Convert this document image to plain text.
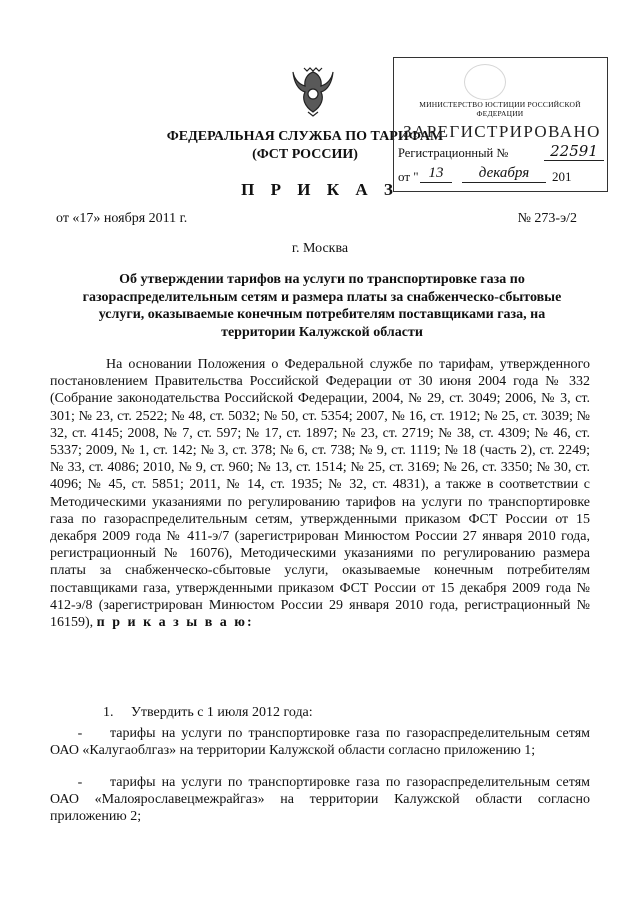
ФЕДЕРАЛЬНАЯ СЛУЖБА ПО ТАРИФАМ
(ФСТ РОССИИ)
МИНИСТЕРСТВО ЮСТИЦИИ РОССИЙСКОЙ ФЕДЕРАЦИИ
ЗАРЕГИСТРИРОВАНО
Регистрационный №	22591
от " 13	декабря	201
П Р И К А З
от «17» ноября 2011 г.	№ 273-э/2
г. Москва
Об утверждении тарифов на услуги по транспортировке газа по газораспределительным сетям и размера платы за снабженческо-сбытовые услуги, оказываемые конечным потребителям поставщиками газа, на территории Калужской области
На основании Положения о Федеральной службе по тарифам, утвержденного постановлением Правительства Российской Федерации от 30 июня 2004 года № 332 (Собрание законодательства Российской Федерации, 2004, № 29, ст. 3049; 2006, № 3, ст. 301; № 23, ст. 2522; № 48, ст. 5032; № 50, ст. 5354; 2007, № 16, ст. 1912; № 25, ст. 3039; № 32, ст. 4145; 2008, № 7, ст. 597; № 17, ст. 1897; № 23, ст. 2719; № 38, ст. 4309; № 46, ст. 5337; 2009, № 1, ст. 142; № 3, ст. 378; № 6, ст. 738; № 9, ст. 1119; № 18 (часть 2), ст. 2249; № 33, ст. 4086; 2010, № 9, ст. 960; № 13, ст. 1514; № 25, ст. 3169; № 26, ст. 3350; № 30, ст. 4096; № 45, ст. 5851; 2011, № 14, ст. 1935; № 32, ст. 4831), а также в соответствии с Методическими указаниями по регулированию тарифов на услуги по транспортировке газа по газораспределительным сетям, утвержденными приказом ФСТ России от 15 декабря 2009 года № 411-э/7 (зарегистрирован Минюстом России 27 января 2010 года, регистрационный № 16076), Методическими указаниями по регулированию размера платы за снабженческо-сбытовые услуги, оказываемые конечным потребителям поставщиками газа, утвержденными приказом ФСТ России от 15 декабря 2009 года № 412-э/8 (зарегистрирован Минюстом России 29 января 2010 года, регистрационный № 16159), п р и к а з ы в а ю:
1. Утвердить с 1 июля 2012 года:
- тарифы на услуги по транспортировке газа по газораспределительным сетям ОАО «Калугаоблгаз» на территории Калужской области согласно приложению 1;
- тарифы на услуги по транспортировке газа по газораспределительным сетям ОАО «Малоярославецмежрайгаз» на территории Калужской области согласно приложению 2;
